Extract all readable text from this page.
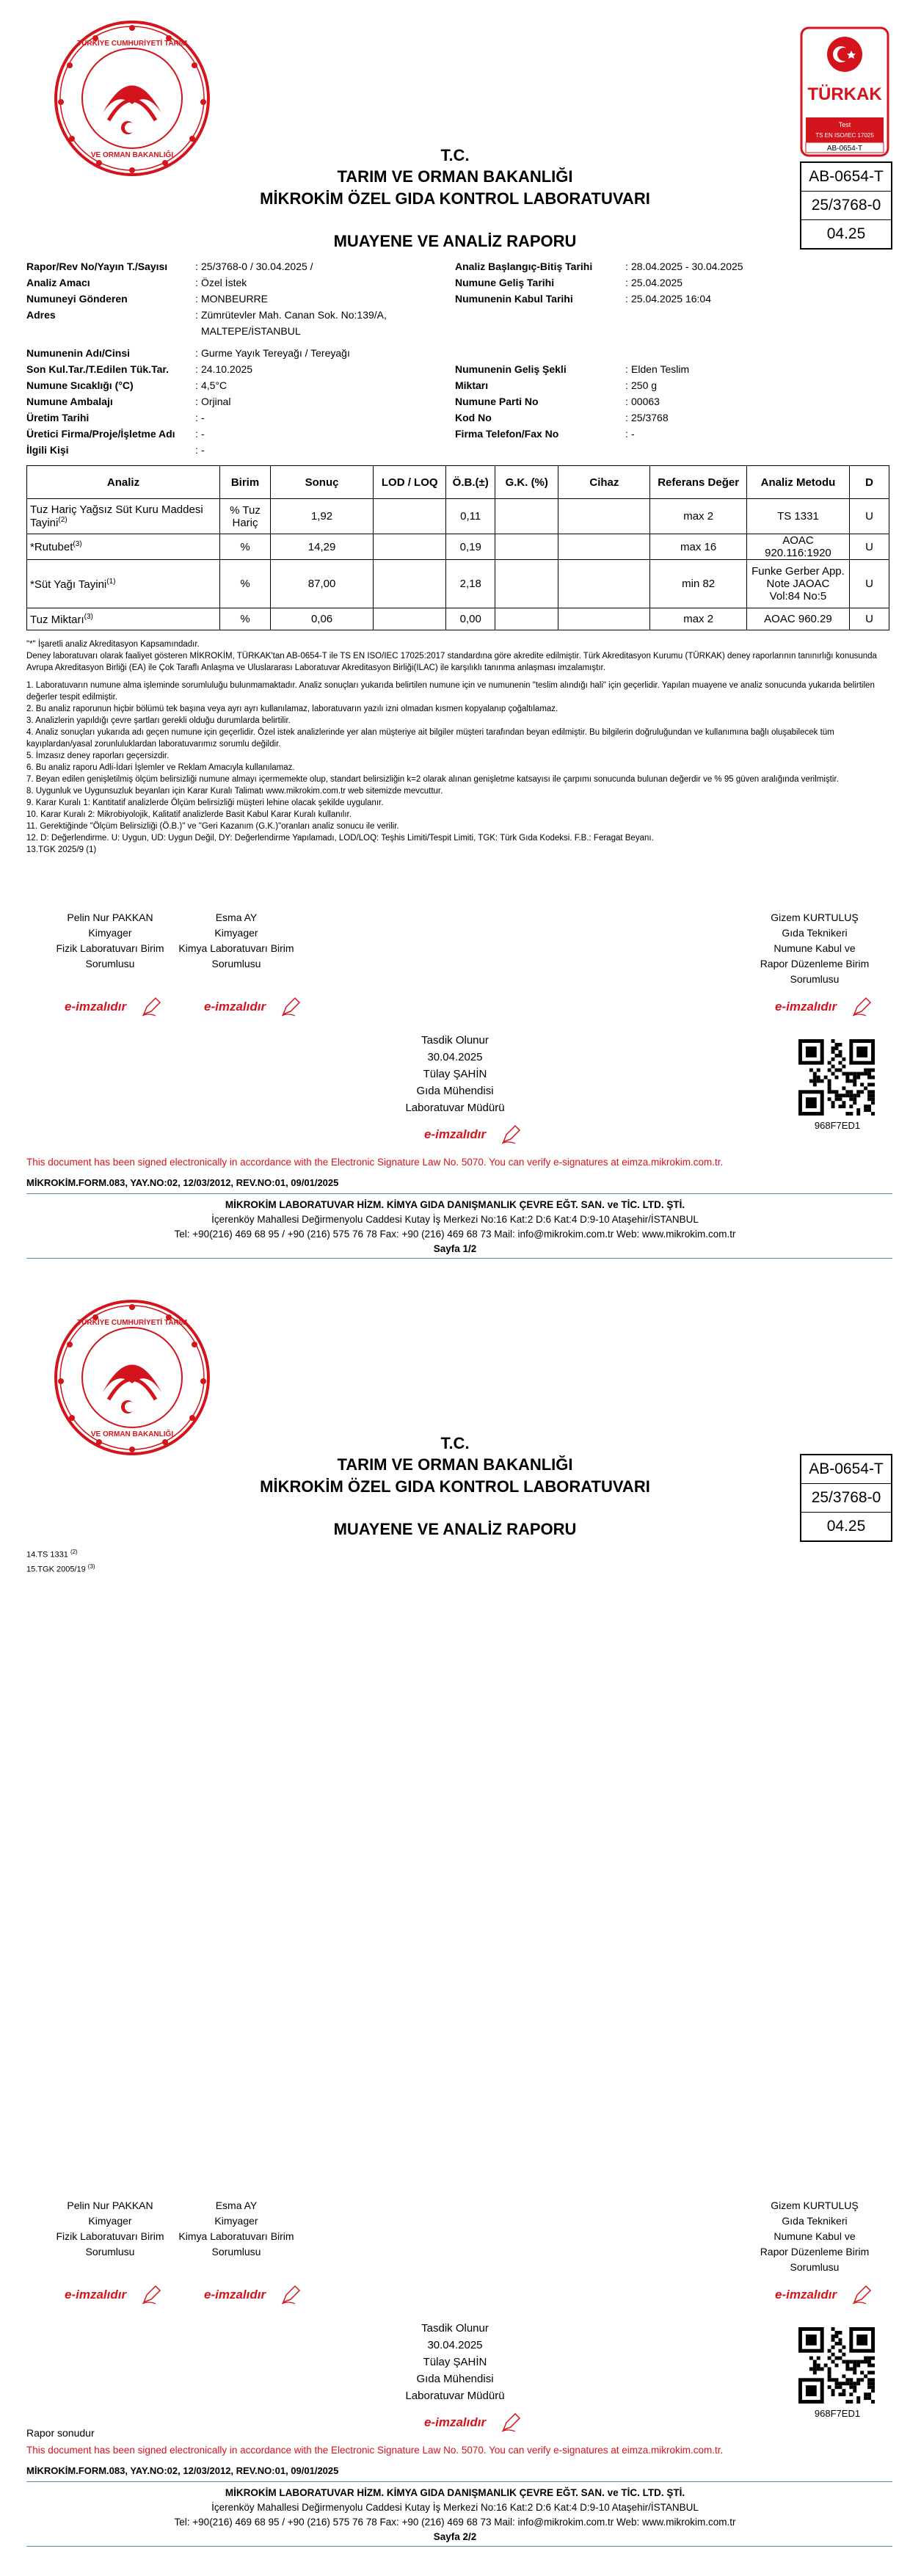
TÜRKİYE CUMHURİYETİ TARIM
VE ORMAN BAKANLIĞI
TÜRKAK
Test
TS EN ISO/IEC 17025
AB-0654-T
AB-0654-T
25/3768-0
04.25
T.C.
TARIM VE ORMAN BAKANLIĞI
MİKROKİM ÖZEL GIDA KONTROL LABORATUVARI
MUAYENE VE ANALİZ RAPORU
Rapor/Rev No/Yayın T./Sayısı	: 25/3768-0 / 30.04.2025 /
Analiz Amacı	: Özel İstek
Numuneyi Gönderen	: MONBEURRE
Adres	: Zümrütevler Mah. Canan Sok. No:139/A,
MALTEPE/İSTANBUL
Numunenin Adı/Cinsi	: Gurme Yayık Tereyağı / Tereyağı
Son Kul.Tar./T.Edilen Tük.Tar.	: 24.10.2025
Numune Sıcaklığı (°C)	: 4,5°C
Numune Ambalajı	: Orjinal
Üretim Tarihi	: -
Üretici Firma/Proje/İşletme Adı : -
İlgili Kişi	: -
Analiz Başlangıç-Bitiş Tarihi	: 28.04.2025 - 30.04.2025
Numune Geliş Tarihi	: 25.04.2025
Numunenin Kabul Tarihi	: 25.04.2025 16:04
Numunenin Geliş Şekli	: Elden Teslim
Miktarı	: 250 g
Numune Parti No	: 00063
Kod No	: 25/3768
Firma Telefon/Fax No	: -
Analiz	Birim	Sonuç	LOD / LOQ	Ö.B.(±)	G.K. (%)	Cihaz	Referans Değer	Analiz Metodu	D
Tuz Hariç Yağsız Süt Kuru Maddesi Tayini$^{(2)}$	% Tuz Hariç	1,92		0,11			max 2	TS 1331	U
*Rutubet$^{(3)}$	%	14,29		0,19			max 16	AOAC 920.116:1920	U
*Süt Yağı Tayini$^{(1)}$	%	87,00		2,18			min 82	Funke Gerber App. Note JAOAC Vol:84 No:5	U
Tuz Miktarı$^{(3)}$	%	0,06		0,00			max 2	AOAC 960.29	U

"*" İşaretli analiz Akreditasyon Kapsamındadır.

Deney laboratuvarı olarak faaliyet gösteren MİKROKİM, TÜRKAK'tan AB-0654-T ile TS EN ISO/IEC 17025:2017 standardına göre akredite edilmiştir. Türk Akreditasyon Kurumu (TÜRKAK) deney raporlarının tanınırlığı konusunda Avrupa Akreditasyon Birliği (EA) ile Çok Taraflı Anlaşma ve Uluslararası Laboratuvar Akreditasyon Birliği(ILAC) ile karşılıklı tanınma anlaşması imzalamıştır.

1. Laboratuvarın numune alma işleminde sorumluluğu bulunmamaktadır. Analiz sonuçları yukarıda belirtilen numune için ve numunenin "teslim alındığı hali" için geçerlidir. Yapılan muayene ve analiz sonucunda yukarıda belirtilen değerler tespit edilmiştir.

2. Bu analiz raporunun hiçbir bölümü tek başına veya ayrı ayrı kullanılamaz, laboratuvarın yazılı izni olmadan kısmen kopyalanıp çoğaltılamaz.

3. Analizlerin yapıldığı çevre şartları gerekli olduğu durumlarda belirtilir.

4. Analiz sonuçları yukarıda adı geçen numune için geçerlidir. Özel istek analizlerinde yer alan müşteriye ait bilgiler müşteri tarafından beyan edilmiştir. Bu bilgilerin doğruluğundan ve kullanımına bağlı oluşabilecek tüm kayıplardan/yasal zorunluluklardan laboratuvarımız sorumlu değildir.

5. İmzasız deney raporları geçersizdir.

6. Bu analiz raporu Adli-İdari İşlemler ve Reklam Amacıyla kullanılamaz.

7. Beyan edilen genişletilmiş ölçüm belirsizliği numune almayı içermemekte olup, standart belirsizliğin k=2 olarak alınan genişletme katsayısı ile çarpımı sonucunda bulunan değerdir ve % 95 güven aralığında verilmiştir.

8. Uygunluk ve Uygunsuzluk beyanları için Karar Kuralı Talimatı www.mikrokim.com.tr web sitemizde mevcuttur.

9. Karar Kuralı 1: Kantitatif analizlerde Ölçüm belirsizliği müşteri lehine olacak şekilde uygulanır.

10. Karar Kuralı 2: Mikrobiyolojik, Kalitatif analizlerde Basit Kabul Karar Kuralı kullanılır.

11. Gerektiğinde "Ölçüm Belirsizliği (Ö.B.)" ve "Geri Kazanım (G.K.)"oranları analiz sonucu ile verilir.

12. D: Değerlendirme. U: Uygun, UD: Uygun Değil, DY: Değerlendirme Yapılamadı, LOD/LOQ: Teşhis Limiti/Tespit Limiti, TGK: Türk Gıda Kodeksi. F.B.: Feragat Beyanı.

13.TGK 2025/9 (1)

Pelin Nur PAKKAN
Kimyager
Fizik Laboratuvarı Birim
Sorumlusu
Esma AY
Kimyager
Kimya Laboratuvarı Birim
Sorumlusu
Gizem KURTULUŞ
Gıda Teknikeri
Numune Kabul ve
Rapor Düzenleme Birim
Sorumlusu
e-imzalıdır	e-imzalıdır	e-imzalıdır
Tasdik Olunur
30.04.2025
Tülay ŞAHİN
Gıda Mühendisi
Laboratuvar Müdürü
e-imzalıdır
968F7ED1
This document has been signed electronically in accordance with the Electronic Signature Law No. 5070. You can verify e-signatures at eimza.mikrokim.com.tr.
MİKROKİM.FORM.083, YAY.NO:02, 12/03/2012, REV.NO:01, 09/01/2025
MİKROKİM LABORATUVAR HİZM. KİMYA GIDA DANIŞMANLIK ÇEVRE EĞT. SAN. ve TİC. LTD. ŞTİ.
İçerenköy Mahallesi Değirmenyolu Caddesi Kutay İş Merkezi No:16 Kat:2 D:6 Kat:4 D:9-10 Ataşehir/İSTANBUL
Tel: +90(216) 469 68 95 / +90 (216) 575 76 78 Fax: +90 (216) 469 68 73 Mail: info@mikrokim.com.tr Web: www.mikrokim.com.tr
Sayfa 1/2
TÜRKİYE CUMHURİYETİ TARIM
VE ORMAN BAKANLIĞI
AB-0654-T
25/3768-0
04.25
T.C.
TARIM VE ORMAN BAKANLIĞI
MİKROKİM ÖZEL GIDA KONTROL LABORATUVARI
MUAYENE VE ANALİZ RAPORU
14.TS 1331 $^{(2)}$
15.TGK 2005/19 $^{(3)}$
Pelin Nur PAKKAN
Kimyager
Fizik Laboratuvarı Birim
Sorumlusu
Esma AY
Kimyager
Kimya Laboratuvarı Birim
Sorumlusu
Gizem KURTULUŞ
Gıda Teknikeri
Numune Kabul ve
Rapor Düzenleme Birim
Sorumlusu
e-imzalıdır	e-imzalıdır	e-imzalıdır
Tasdik Olunur
30.04.2025
Tülay ŞAHİN
Gıda Mühendisi
Laboratuvar Müdürü
e-imzalıdır
968F7ED1
Rapor sonudur
This document has been signed electronically in accordance with the Electronic Signature Law No. 5070. You can verify e-signatures at eimza.mikrokim.com.tr.
MİKROKİM.FORM.083, YAY.NO:02, 12/03/2012, REV.NO:01, 09/01/2025
MİKROKİM LABORATUVAR HİZM. KİMYA GIDA DANIŞMANLIK ÇEVRE EĞT. SAN. ve TİC. LTD. ŞTİ.
İçerenköy Mahallesi Değirmenyolu Caddesi Kutay İş Merkezi No:16 Kat:2 D:6 Kat:4 D:9-10 Ataşehir/İSTANBUL
Tel: +90(216) 469 68 95 / +90 (216) 575 76 78 Fax: +90 (216) 469 68 73 Mail: info@mikrokim.com.tr Web: www.mikrokim.com.tr
Sayfa 2/2
